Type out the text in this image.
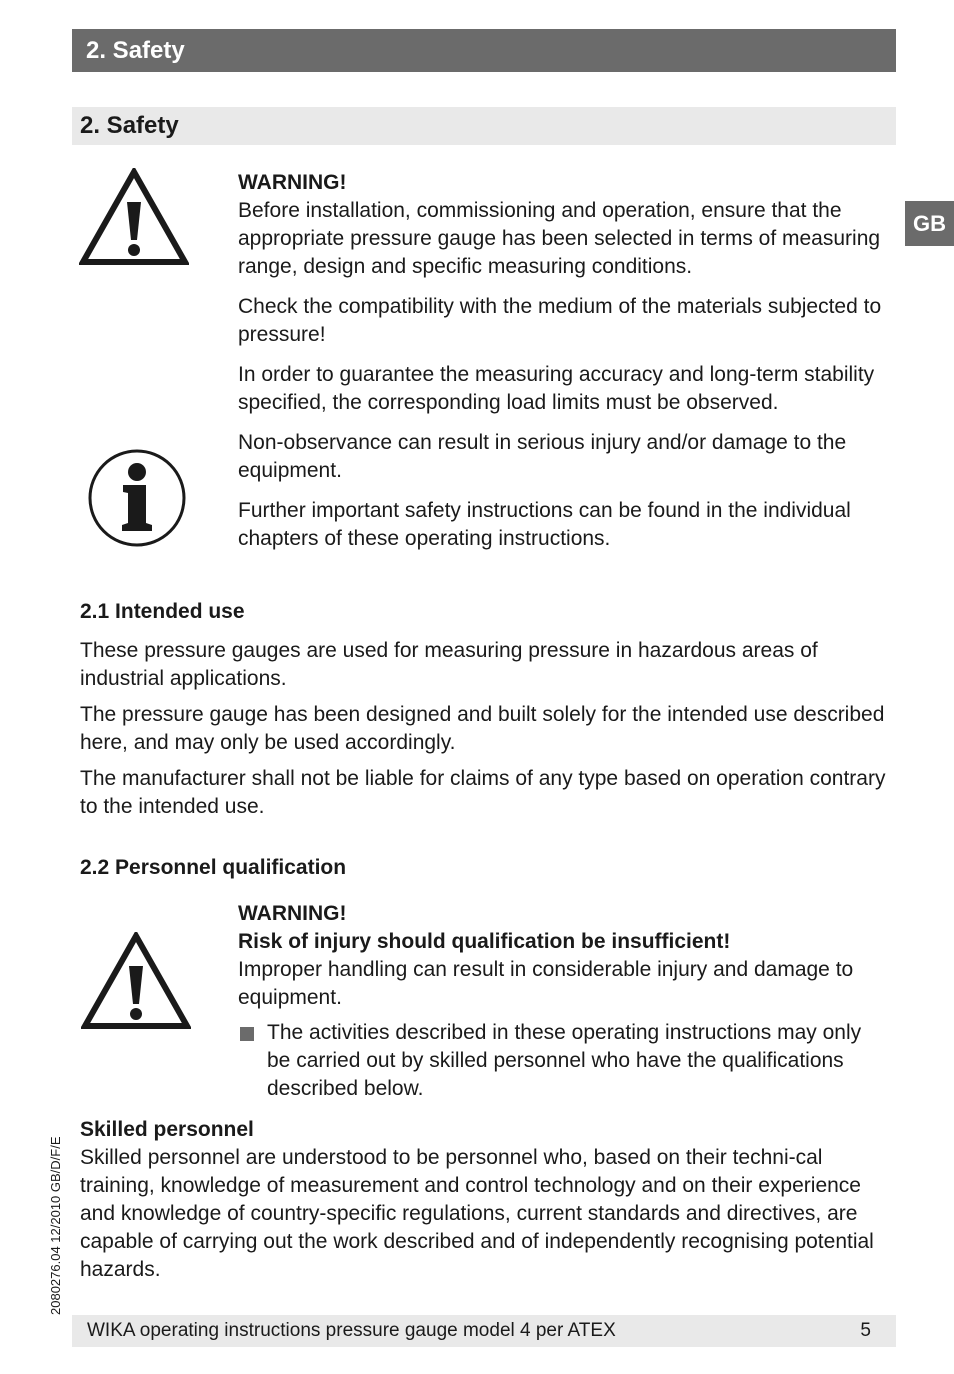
2. Safety
2. Safety
GB
2080276.04 12/2010 GB/D/F/E

WARNING!

Before installation, commissioning and operation, ensure that the appropriate pressure gauge has been selected in terms of measuring range, design and specific measuring conditions.

Check the compatibility with the medium of the materials subjected to pressure!

In order to guarantee the measuring accuracy and long-term stability specified, the corresponding load limits must be observed.

Non-observance can result in serious injury and/or damage to the equipment.

Further important safety instructions can be found in the individual chapters of these operating instructions.

2.1 Intended use

These pressure gauges are used for measuring pressure in hazardous areas of industrial applications.

The pressure gauge has been designed and built solely for the intended use described here, and may only be used accordingly.

The manufacturer shall not be liable for claims of any type based on operation contrary to the intended use.

2.2 Personnel qualification

WARNING!

Risk of injury should qualification be insufficient!

Improper handling can result in considerable injury and damage to equipment.

The activities described in these operating instructions may only be carried out by skilled personnel who have the qualifications described below.

Skilled personnel

Skilled personnel are understood to be personnel who, based on their techni-cal training, knowledge of measurement and control technology and on their experience and knowledge of country-specific regulations, current standards and directives, are capable of carrying out the work described and of independently recognising potential hazards.

WIKA operating instructions pressure gauge model 4 per ATEX	5
